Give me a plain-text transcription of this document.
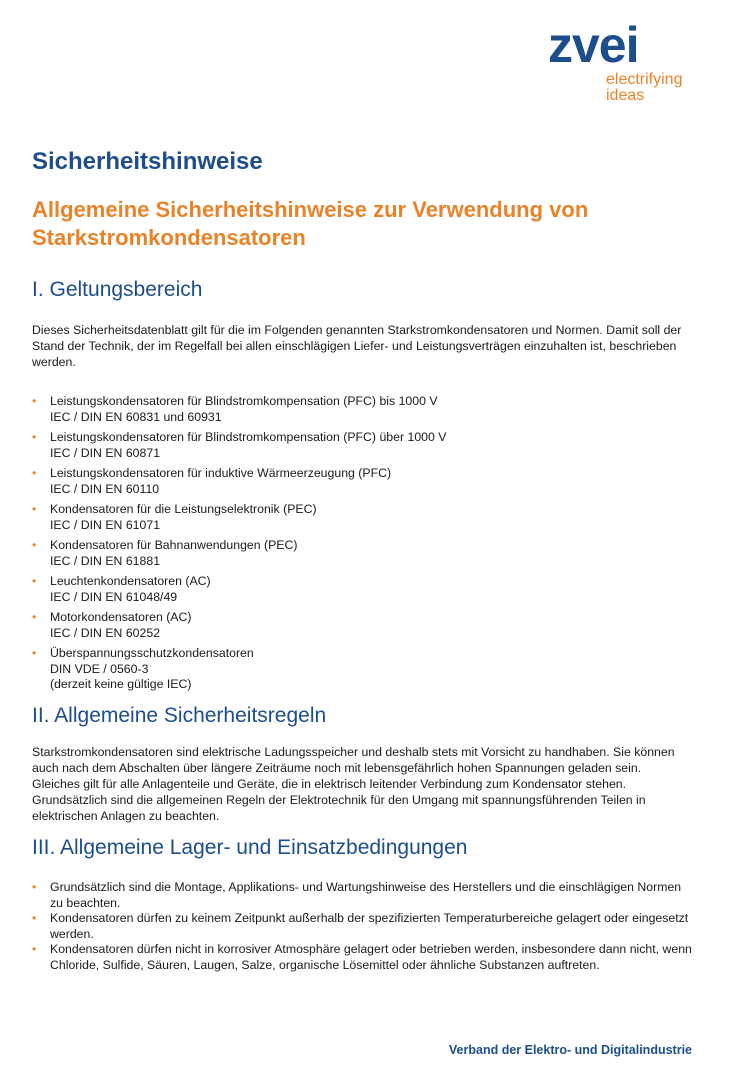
zvei
electrifying
ideas
Sicherheitshinweise
Allgemeine Sicherheitshinweise zur Verwendung von Starkstromkondensatoren
I. Geltungsbereich

Dieses Sicherheitsdatenblatt gilt für die im Folgenden genannten Starkstromkondensatoren und Normen. Damit soll der Stand der Technik, der im Regelfall bei allen einschlägigen Liefer- und Leistungsverträgen einzuhalten ist, beschrieben werden.

• Leistungskondensatoren für Blindstromkompensation (PFC) bis 1000 V
IEC / DIN EN 60831 und 60931
• Leistungskondensatoren für Blindstromkompensation (PFC) über 1000 V
IEC / DIN EN 60871
• Leistungskondensatoren für induktive Wärmeerzeugung (PFC)
IEC / DIN EN 60110
• Kondensatoren für die Leistungselektronik (PEC)
IEC / DIN EN 61071
• Kondensatoren für Bahnanwendungen (PEC)
IEC / DIN EN 61881
• Leuchtenkondensatoren (AC)
IEC / DIN EN 61048/49
• Motorkondensatoren (AC)
IEC / DIN EN 60252
• Überspannungsschutzkondensatoren
DIN VDE / 0560-3
(derzeit keine gültige IEC)
II. Allgemeine Sicherheitsregeln

Starkstromkondensatoren sind elektrische Ladungsspeicher und deshalb stets mit Vorsicht zu handhaben. Sie können auch nach dem Abschalten über längere Zeiträume noch mit lebensgefährlich hohen Spannungen geladen sein. Gleiches gilt für alle Anlagenteile und Geräte, die in elektrisch leitender Verbindung zum Kondensator stehen. Grundsätzlich sind die allgemeinen Regeln der Elektrotechnik für den Umgang mit spannungsführenden Teilen in elektrischen Anlagen zu beachten.

III. Allgemeine Lager- und Einsatzbedingungen
• Grundsätzlich sind die Montage, Applikations- und Wartungshinweise des Herstellers und die einschlägigen Normen zu beachten.
• Kondensatoren dürfen zu keinem Zeitpunkt außerhalb der spezifizierten Temperaturbereiche gelagert oder eingesetzt werden.
• Kondensatoren dürfen nicht in korrosiver Atmosphäre gelagert oder betrieben werden, insbesondere dann nicht, wenn Chloride, Sulfide, Säuren, Laugen, Salze, organische Lösemittel oder ähnliche Substanzen auftreten.
Verband der Elektro- und Digitalindustrie
